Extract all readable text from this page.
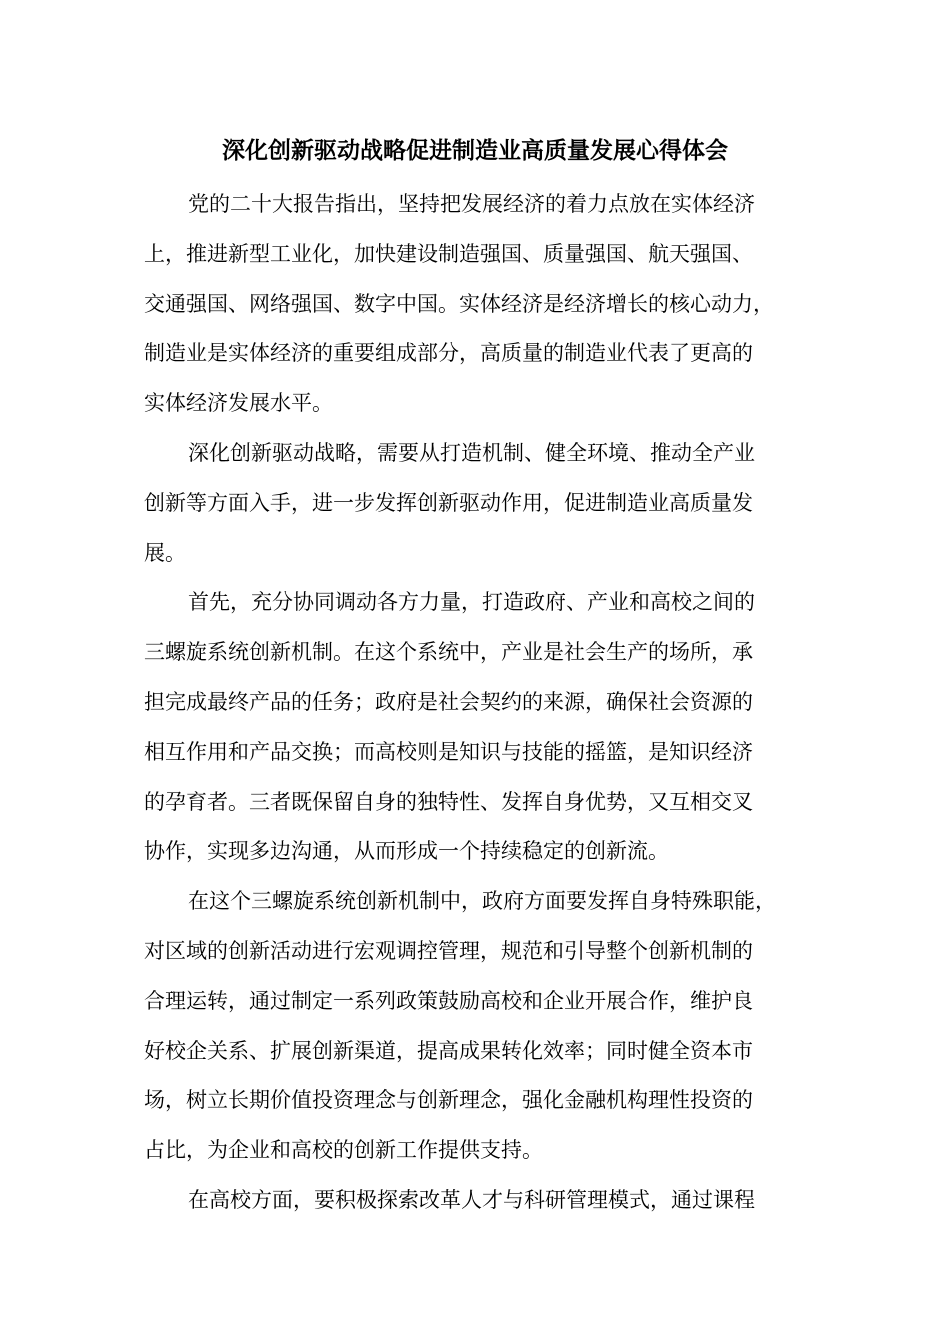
深化创新驱动战略促进制造业高质量发展心得体会

党的二十大报告指出，坚持把发展经济的着力点放在实体经济
上，推进新型工业化，加快建设制造强国、质量强国、航天强国、
交通强国、网络强国、数字中国。实体经济是经济增长的核心动力，
制造业是实体经济的重要组成部分，高质量的制造业代表了更高的
实体经济发展水平。

深化创新驱动战略，需要从打造机制、健全环境、推动全产业
创新等方面入手，进一步发挥创新驱动作用，促进制造业高质量发
展。

首先，充分协同调动各方力量，打造政府、产业和高校之间的
三螺旋系统创新机制。在这个系统中，产业是社会生产的场所，承
担完成最终产品的任务；政府是社会契约的来源，确保社会资源的
相互作用和产品交换；而高校则是知识与技能的摇篮，是知识经济
的孕育者。三者既保留自身的独特性、发挥自身优势，又互相交叉
协作，实现多边沟通，从而形成一个持续稳定的创新流。

在这个三螺旋系统创新机制中，政府方面要发挥自身特殊职能，
对区域的创新活动进行宏观调控管理，规范和引导整个创新机制的
合理运转，通过制定一系列政策鼓励高校和企业开展合作，维护良
好校企关系、扩展创新渠道，提高成果转化效率；同时健全资本市
场，树立长期价值投资理念与创新理念，强化金融机构理性投资的
占比，为企业和高校的创新工作提供支持。

在高校方面，要积极探索改革人才与科研管理模式，通过课程
